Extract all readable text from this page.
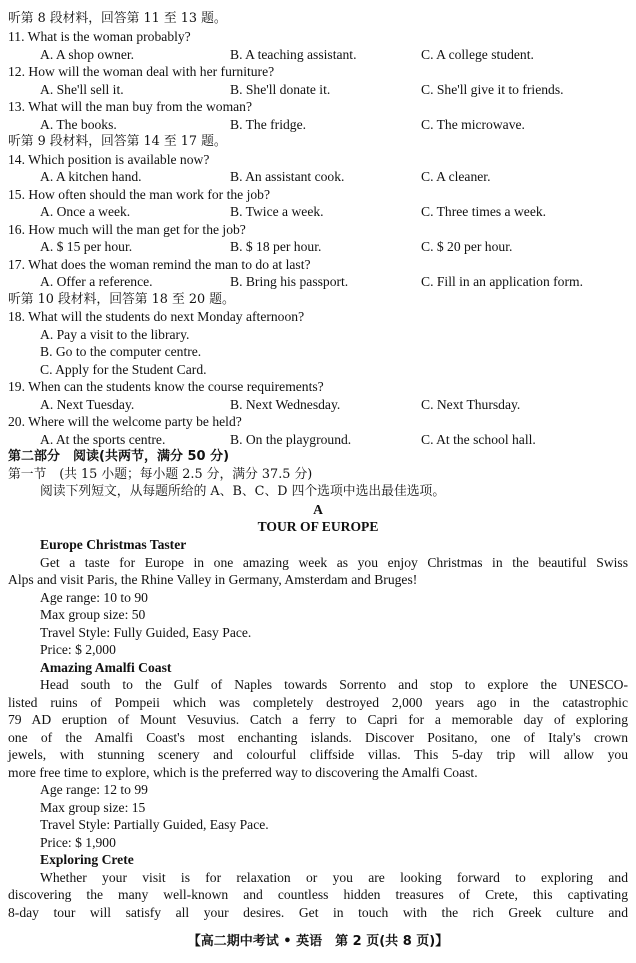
听第 8 段材料，回答第 11 至 13 题。
11. What is the woman probably?
A. A shop owner.	B. A teaching assistant.	C. A college student.
12. How will the woman deal with her furniture?
A. She'll sell it.	B. She'll donate it.	C. She'll give it to friends.
13. What will the man buy from the woman?
A. The books.	B. The fridge.	C. The microwave.
听第 9 段材料，回答第 14 至 17 题。
14. Which position is available now?
A. A kitchen hand.	B. An assistant cook.	C. A cleaner.
15. How often should the man work for the job?
A. Once a week.	B. Twice a week.	C. Three times a week.
16. How much will the man get for the job?
A. $ 15 per hour.	B. $ 18 per hour.	C. $ 20 per hour.
17. What does the woman remind the man to do at last?
A. Offer a reference.	B. Bring his passport.	C. Fill in an application form.
听第 10 段材料，回答第 18 至 20 题。
18. What will the students do next Monday afternoon?
A. Pay a visit to the library.
B. Go to the computer centre.
C. Apply for the Student Card.
19. When can the students know the course requirements?
A. Next Tuesday.	B. Next Wednesday.	C. Next Thursday.
20. Where will the welcome party be held?
A. At the sports centre.	B. On the playground.	C. At the school hall.
第二部分　阅读(共两节，满分 50 分)
第一节　(共 15 小题；每小题 2.5 分，满分 37.5 分)
阅读下列短文，从每题所给的 A、B、C、D 四个选项中选出最佳选项。
A
TOUR OF EUROPE
Europe Christmas Taster
Get a taste for Europe in one amazing week as you enjoy Christmas in the beautiful Swiss
Alps and visit Paris, the Rhine Valley in Germany, Amsterdam and Bruges!
Age range: 10 to 90
Max group size: 50
Travel Style: Fully Guided, Easy Pace.
Price: $ 2,000
Amazing Amalfi Coast
Head south to the Gulf of Naples towards Sorrento and stop to explore the UNESCO-
listed ruins of Pompeii which was completely destroyed 2,000 years ago in the catastrophic
79 AD eruption of Mount Vesuvius. Catch a ferry to Capri for a memorable day of exploring
one of the Amalfi Coast's most enchanting islands. Discover Positano, one of Italy's crown
jewels, with stunning scenery and colourful cliffside villas. This 5-day trip will allow you
more free time to explore, which is the preferred way to discovering the Amalfi Coast.
Age range: 12 to 99
Max group size: 15
Travel Style: Partially Guided, Easy Pace.
Price: $ 1,900
Exploring Crete
Whether your visit is for relaxation or you are looking forward to exploring and
discovering the many well-known and countless hidden treasures of Crete, this captivating
8-day tour will satisfy all your desires. Get in touch with the rich Greek culture and
【高二期中考试 • 英语　第 2 页(共 8 页)】
